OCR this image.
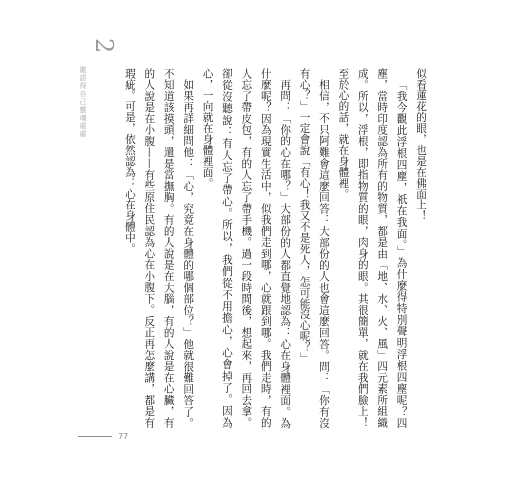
2
龍認得自己靈魂處處	似看蓮花的眼，也是在佛面上！

「我今觀此浮根四塵，祇在我面。」為什麼得特別聲明浮根四塵呢？四塵，當時印度認為所有的物質，都是由「地、水、火、風」四元素所組織成。所以，浮根，即指物質的眼，肉身的眼。其很簡單，就在我們臉上！至於心的話，就在身體裡。

相信，不只阿難會這麼回答：大部份的人也會這麼回答。問：「你有沒有心？」一定會說「有心！我又不是死人，怎可能沒心呢？」

再問：「你的心在哪？」大部份的人都直覺地認為：心在身體裡面。為什麼呢？因為現實生活中，似我們走到哪，心就跟到哪。我們走時，有的人忘了帶皮包，有的人忘了帶手機。過一段時間後，想起來，再回去拿。卻從沒聽說：有人忘了帶心。所以，我們從不用擔心，心會掉了。因為心，一向就在身體裡面。

如果再詳細問他：「心，究竟在身體的哪個部位？」他就很難回答了。不知道該摸頭，還是當撫胸。有的人說是在大腦，有的人說是在心臟，有的人說是在小腹——有些原住民認為心在小腹下。反正再怎麼講，都是有瑕疵。可是，依然認為：心在身體中。

77
